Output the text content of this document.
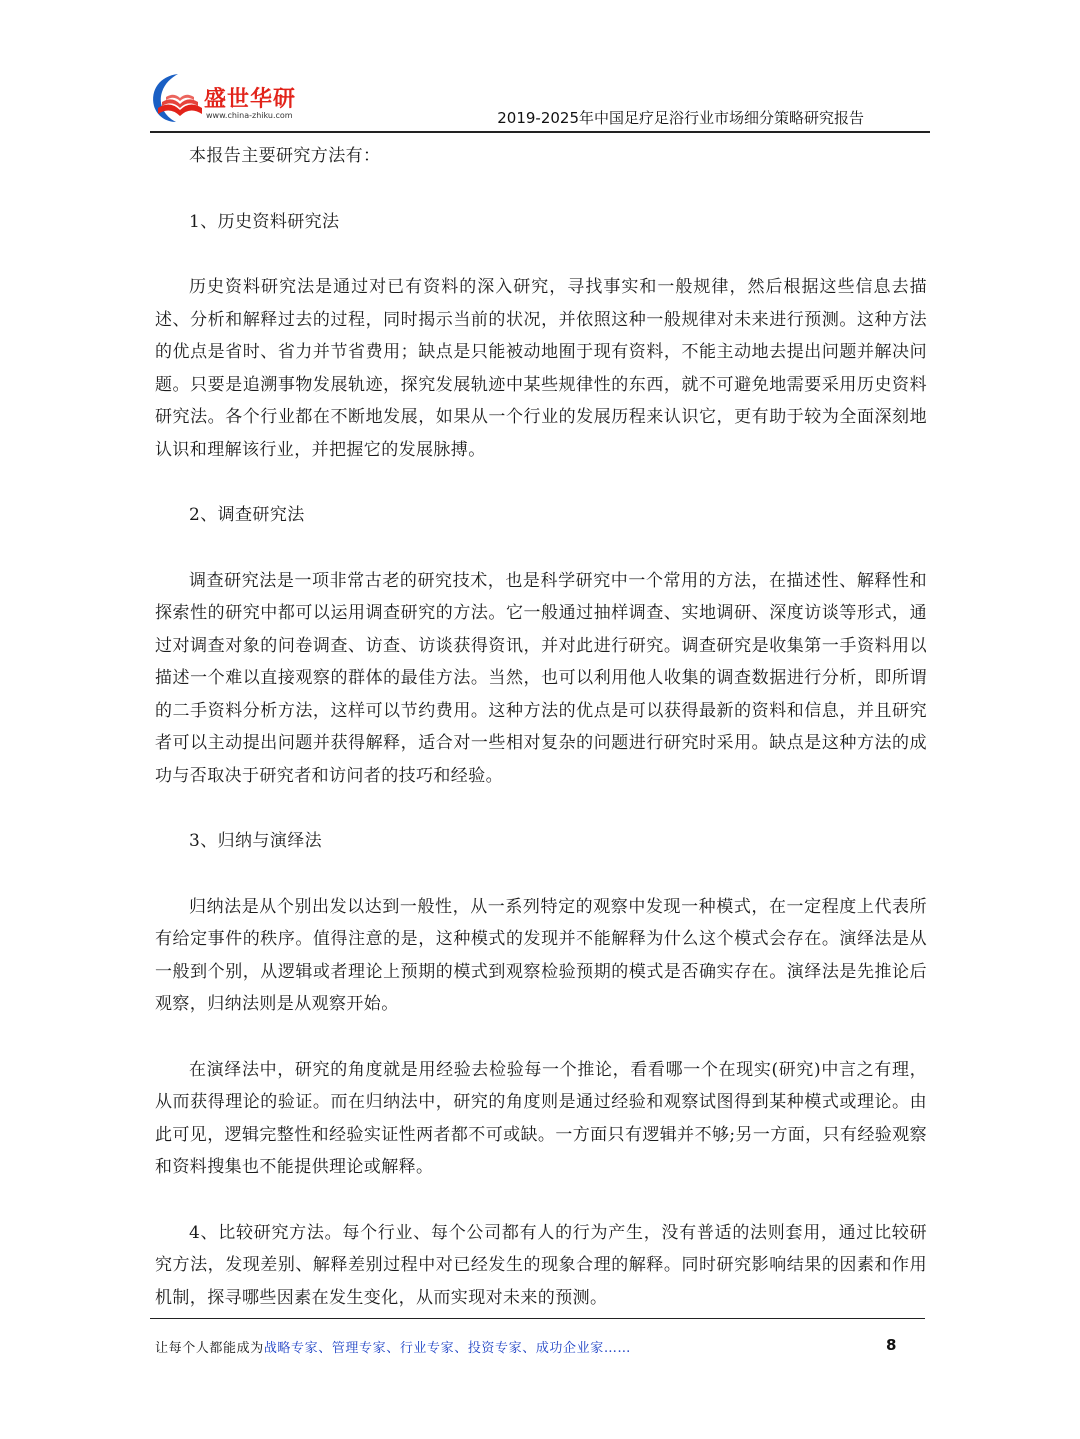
盛世华研
www.china-zhiku.com	2019-2025年中国足疗足浴行业市场细分策略研究报告

本报告主要研究方法有：

1、历史资料研究法

历史资料研究法是通过对已有资料的深入研究，寻找事实和一般规律，然后根据这些信息去描述、分析和解释过去的过程，同时揭示当前的状况，并依照这种一般规律对未来进行预测。这种方法的优点是省时、省力并节省费用；缺点是只能被动地囿于现有资料，不能主动地去提出问题并解决问题。只要是追溯事物发展轨迹，探究发展轨迹中某些规律性的东西，就不可避免地需要采用历史资料研究法。各个行业都在不断地发展，如果从一个行业的发展历程来认识它，更有助于较为全面深刻地认识和理解该行业，并把握它的发展脉搏。

2、调查研究法

调查研究法是一项非常古老的研究技术，也是科学研究中一个常用的方法，在描述性、解释性和探索性的研究中都可以运用调查研究的方法。它一般通过抽样调查、实地调研、深度访谈等形式，通过对调查对象的问卷调查、访查、访谈获得资讯，并对此进行研究。调查研究是收集第一手资料用以描述一个难以直接观察的群体的最佳方法。当然，也可以利用他人收集的调查数据进行分析，即所谓的二手资料分析方法，这样可以节约费用。这种方法的优点是可以获得最新的资料和信息，并且研究者可以主动提出问题并获得解释，适合对一些相对复杂的问题进行研究时采用。缺点是这种方法的成功与否取决于研究者和访问者的技巧和经验。

3、归纳与演绎法

归纳法是从个别出发以达到一般性，从一系列特定的观察中发现一种模式，在一定程度上代表所有给定事件的秩序。值得注意的是，这种模式的发现并不能解释为什么这个模式会存在。演绎法是从一般到个别，从逻辑或者理论上预期的模式到观察检验预期的模式是否确实存在。演绎法是先推论后观察，归纳法则是从观察开始。

在演绎法中，研究的角度就是用经验去检验每一个推论，看看哪一个在现实(研究)中言之有理，从而获得理论的验证。而在归纳法中，研究的角度则是通过经验和观察试图得到某种模式或理论。由此可见，逻辑完整性和经验实证性两者都不可或缺。一方面只有逻辑并不够;另一方面，只有经验观察和资料搜集也不能提供理论或解释。

4、比较研究方法。每个行业、每个公司都有人的行为产生，没有普适的法则套用，通过比较研究方法，发现差别、解释差别过程中对已经发生的现象合理的解释。同时研究影响结果的因素和作用机制，探寻哪些因素在发生变化，从而实现对未来的预测。

让每个人都能成为战略专家、管理专家、行业专家、投资专家、成功企业家……	8
